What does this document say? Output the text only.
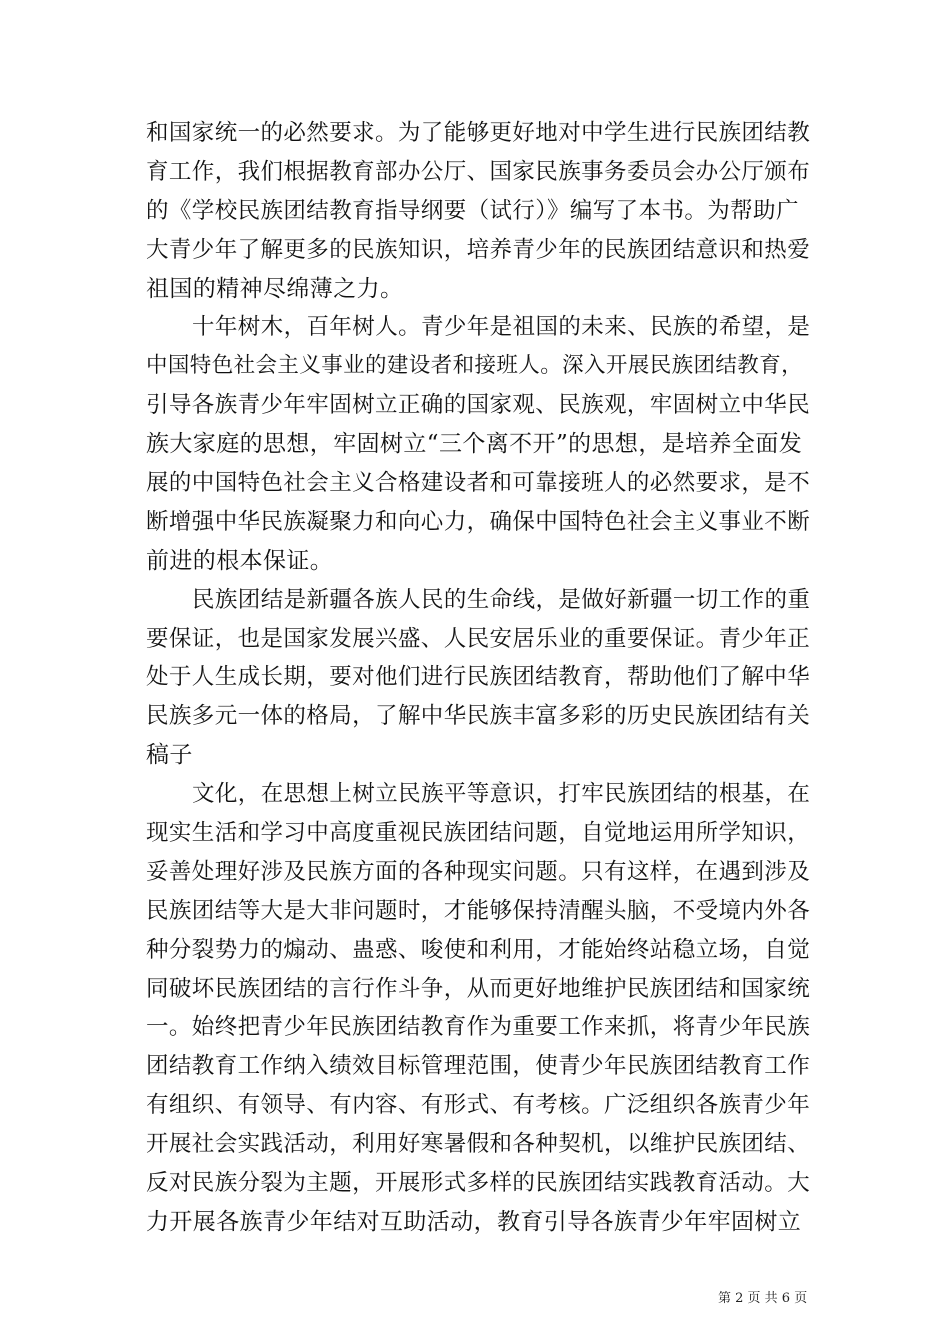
和国家统一的必然要求。为了能够更好地对中学生进行民族团结教
育工作，我们根据教育部办公厅、国家民族事务委员会办公厅颁布
的《学校民族团结教育指导纲要（试行）》编写了本书。为帮助广
大青少年了解更多的民族知识，培养青少年的民族团结意识和热爱
祖国的精神尽绵薄之力。
十年树木，百年树人。青少年是祖国的未来、民族的希望，是
中国特色社会主义事业的建设者和接班人。深入开展民族团结教育，
引导各族青少年牢固树立正确的国家观、民族观，牢固树立中华民
族大家庭的思想，牢固树立“三个离不开”的思想，是培养全面发
展的中国特色社会主义合格建设者和可靠接班人的必然要求，是不
断增强中华民族凝聚力和向心力，确保中国特色社会主义事业不断
前进的根本保证。
民族团结是新疆各族人民的生命线，是做好新疆一切工作的重
要保证，也是国家发展兴盛、人民安居乐业的重要保证。青少年正
处于人生成长期，要对他们进行民族团结教育，帮助他们了解中华
民族多元一体的格局，了解中华民族丰富多彩的历史民族团结有关
稿子
文化，在思想上树立民族平等意识，打牢民族团结的根基，在
现实生活和学习中高度重视民族团结问题，自觉地运用所学知识，
妥善处理好涉及民族方面的各种现实问题。只有这样，在遇到涉及
民族团结等大是大非问题时，才能够保持清醒头脑，不受境内外各
种分裂势力的煽动、蛊惑、唆使和利用，才能始终站稳立场，自觉
同破坏民族团结的言行作斗争，从而更好地维护民族团结和国家统
一。始终把青少年民族团结教育作为重要工作来抓，将青少年民族
团结教育工作纳入绩效目标管理范围，使青少年民族团结教育工作
有组织、有领导、有内容、有形式、有考核。广泛组织各族青少年
开展社会实践活动，利用好寒暑假和各种契机，以维护民族团结、
反对民族分裂为主题，开展形式多样的民族团结实践教育活动。大
力开展各族青少年结对互助活动，教育引导各族青少年牢固树立
第 2 页 共 6 页
